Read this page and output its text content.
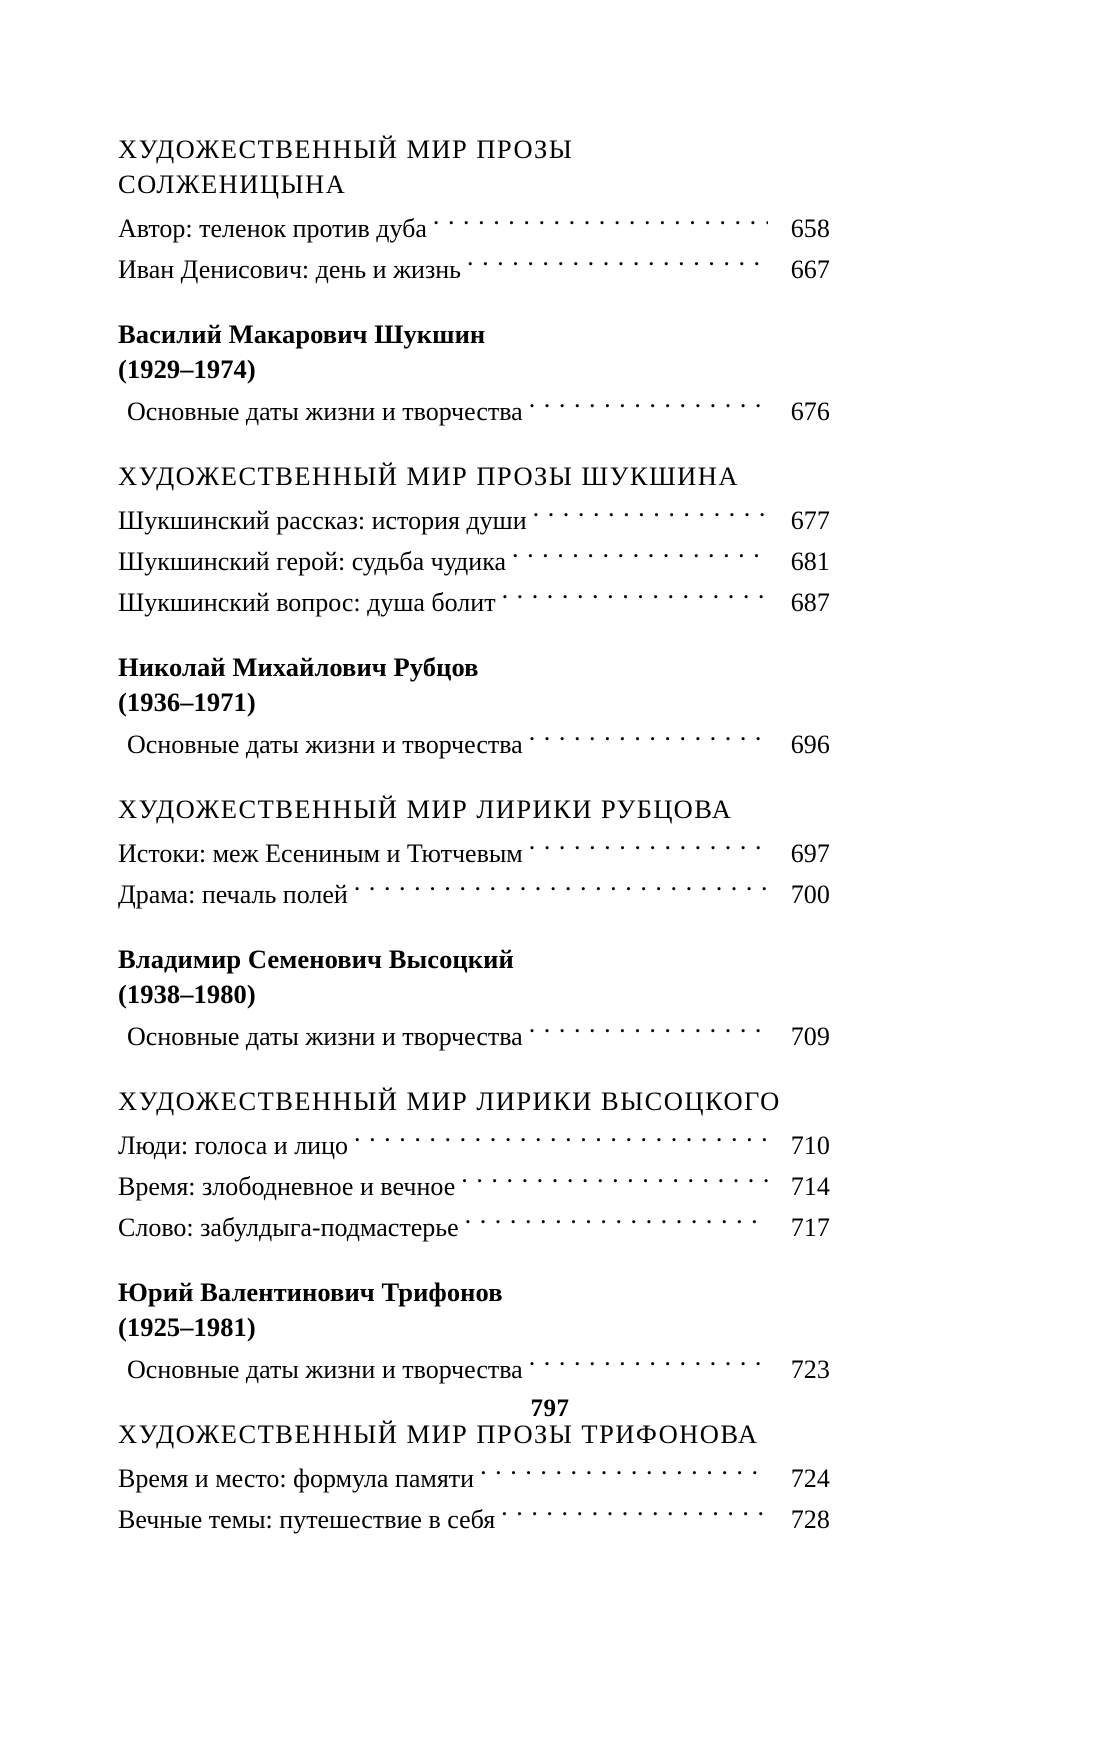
ХУДОЖЕСТВЕННЫЙ МИР ПРОЗЫ
СОЛЖЕНИЦЫНА
Автор: теленок против дуба . . .	658
Иван Денисович: день и жизнь . . .	667
Василий Макарович Шукшин
(1929–1974)
Основные даты жизни и творчества . . .	676
ХУДОЖЕСТВЕННЫЙ МИР ПРОЗЫ ШУКШИНА
Шукшинский рассказ: история души . . .	677
Шукшинский герой: судьба чудика . . .	681
Шукшинский вопрос: душа болит . . .	687
Николай Михайлович Рубцов
(1936–1971)
Основные даты жизни и творчества . . .	696
ХУДОЖЕСТВЕННЫЙ МИР ЛИРИКИ РУБЦОВА
Истоки: меж Есениным и Тютчевым . . .	697
Драма: печаль полей . . .	700
Владимир Семенович Высоцкий
(1938–1980)
Основные даты жизни и творчества . . .	709
ХУДОЖЕСТВЕННЫЙ МИР ЛИРИКИ ВЫСОЦКОГО
Люди: голоса и лицо . . .	710
Время: злободневное и вечное . . .	714
Слово: забулдыга-подмастерье . . .	717
Юрий Валентинович Трифонов
(1925–1981)
Основные даты жизни и творчества . . .	723
ХУДОЖЕСТВЕННЫЙ МИР ПРОЗЫ ТРИФОНОВА
Время и место: формула памяти . . .	724
Вечные темы: путешествие в себя . . .	728
797
